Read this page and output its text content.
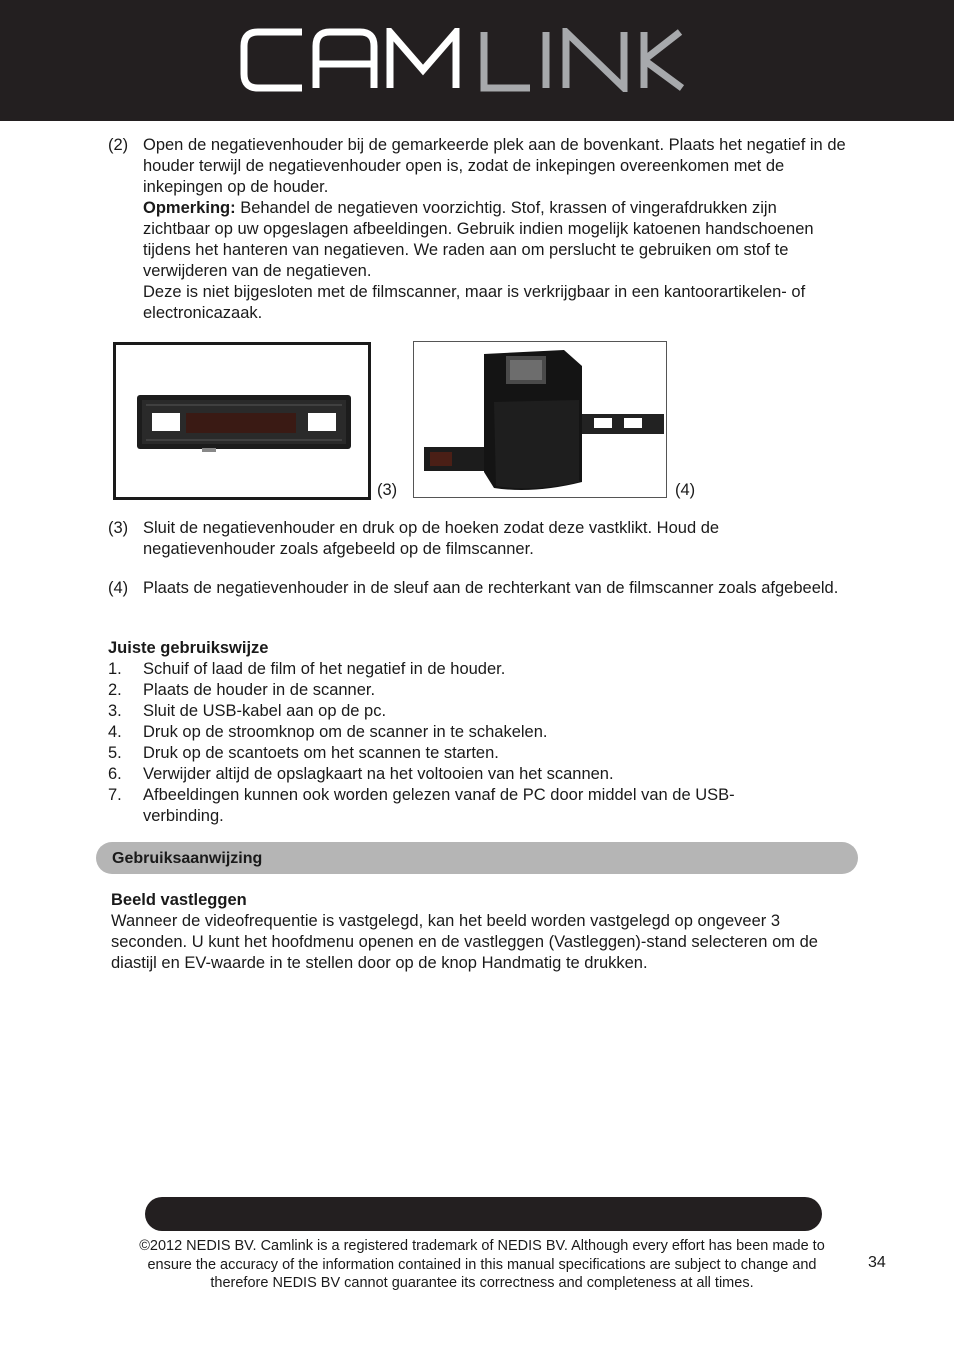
(2) Open de negatievenhouder bij de gemarkeerde plek aan de bovenkant. Plaats het negatief in de houder terwijl de negatievenhouder open is, zodat de inkepingen overeenkomen met de inkepingen op de houder.
Opmerking: Behandel de negatieven voorzichtig. Stof, krassen of vingerafdrukken zijn zichtbaar op uw opgeslagen afbeeldingen. Gebruik indien mogelijk katoenen handschoenen tijdens het hanteren van negatieven. We raden aan om perslucht te gebruiken om stof te verwijderen van de negatieven.
Deze is niet bijgesloten met de filmscanner, maar is verkrijgbaar in een kantoorartikelen- of electronicazaak.
(3)	(4)
(3) Sluit de negatievenhouder en druk op de hoeken zodat deze vastklikt. Houd de negatievenhouder zoals afgebeeld op de filmscanner.
(4) Plaats de negatievenhouder in de sleuf aan de rechterkant van de filmscanner zoals afgebeeld.
Juiste gebruikswijze
1.	Schuif of laad de film of het negatief in de houder.
2.	Plaats de houder in de scanner.
3.	Sluit de USB-kabel aan op de pc.
4.	Druk op de stroomknop om de scanner in te schakelen.
5.	Druk op de scantoets om het scannen te starten.
6.	Verwijder altijd de opslagkaart na het voltooien van het scannen.
7.	Afbeeldingen kunnen ook worden gelezen vanaf de PC door middel van de USB-verbinding.
Gebruiksaanwijzing
Beeld vastleggen
Wanneer de videofrequentie is vastgelegd, kan het beeld worden vastgelegd op ongeveer 3 seconden. U kunt het hoofdmenu openen en de vastleggen (Vastleggen)-stand selecteren om de diastijl en EV-waarde in te stellen door op de knop Handmatig te drukken.
©2012 NEDIS BV. Camlink is a registered trademark of NEDIS BV. Although every effort has been made to ensure the accuracy of the information contained in this manual specifications are subject to change and therefore NEDIS BV cannot guarantee its correctness and completeness at all times.
34
